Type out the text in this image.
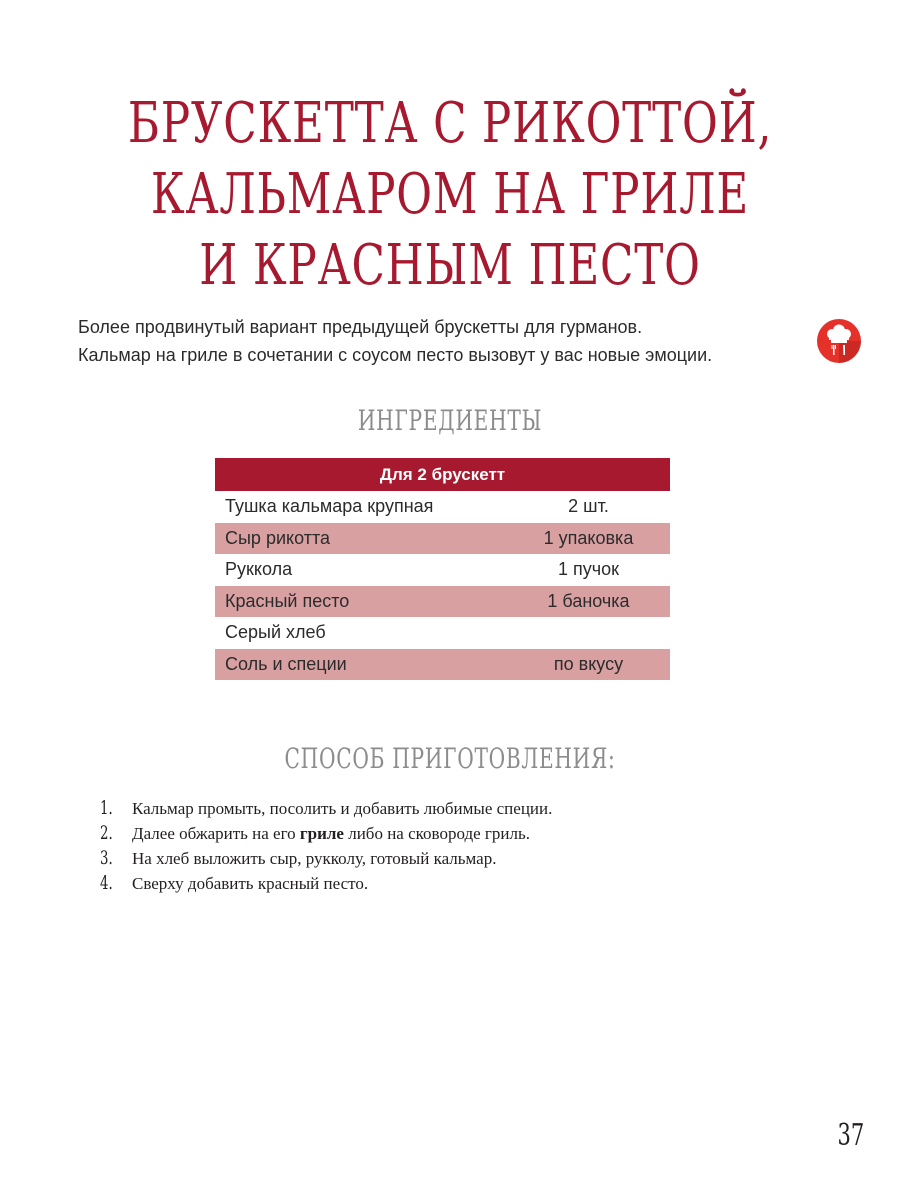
БРУСКЕТТА С РИКОТТОЙ,
КАЛЬМАРОМ НА ГРИЛЕ
И КРАСНЫМ ПЕСТО
Более продвинутый вариант предыдущей брускетты для гурманов.
Кальмар на гриле в сочетании с соусом песто вызовут у вас новые эмоции.
ИНГРЕДИЕНТЫ
Для 2 брускетт
Тушка кальмара крупная	2 шт.
Сыр рикотта	1 упаковка
Руккола	1 пучок
Красный песто	1 баночка
Серый хлеб
Соль и специи	по вкусу
СПОСОБ ПРИГОТОВЛЕНИЯ:
1.	Кальмар промыть, посолить и добавить любимые специи.
2.	Далее обжарить на его гриле либо на сковороде гриль.
3.	На хлеб выложить сыр, рукколу, готовый кальмар.
4.	Сверху добавить красный песто.
37
